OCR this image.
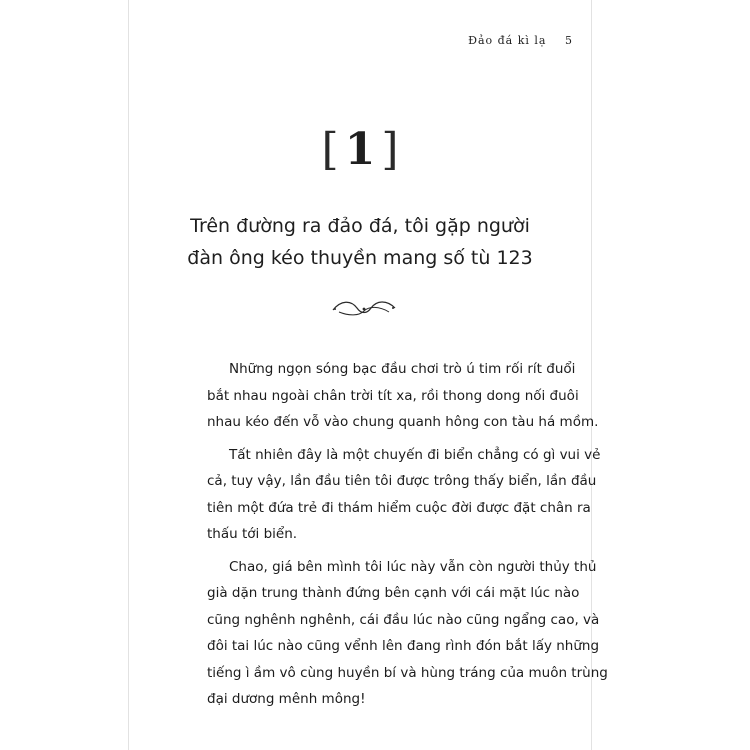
Đảo đá kì lạ 5
[ 1 ]
Trên đường ra đảo đá, tôi gặp người
đàn ông kéo thuyền mang số tù 123

Những ngọn sóng bạc đầu chơi trò ú tim rối rít đuổi
bắt nhau ngoài chân trời tít xa, rồi thong dong nối đuôi
nhau kéo đến vỗ vào chung quanh hông con tàu há mồm.

Tất nhiên đây là một chuyến đi biển chẳng có gì vui vẻ
cả, tuy vậy, lần đầu tiên tôi được trông thấy biển, lần đầu
tiên một đứa trẻ đi thám hiểm cuộc đời được đặt chân ra
thấu tới biển.

Chao, giá bên mình tôi lúc này vẫn còn người thủy thủ
già dặn trung thành đứng bên cạnh với cái mặt lúc nào
cũng nghênh nghênh, cái đầu lúc nào cũng ngẩng cao, và
đôi tai lúc nào cũng vểnh lên đang rình đón bắt lấy những
tiếng ì ầm vô cùng huyền bí và hùng tráng của muôn trùng
đại dương mênh mông!
